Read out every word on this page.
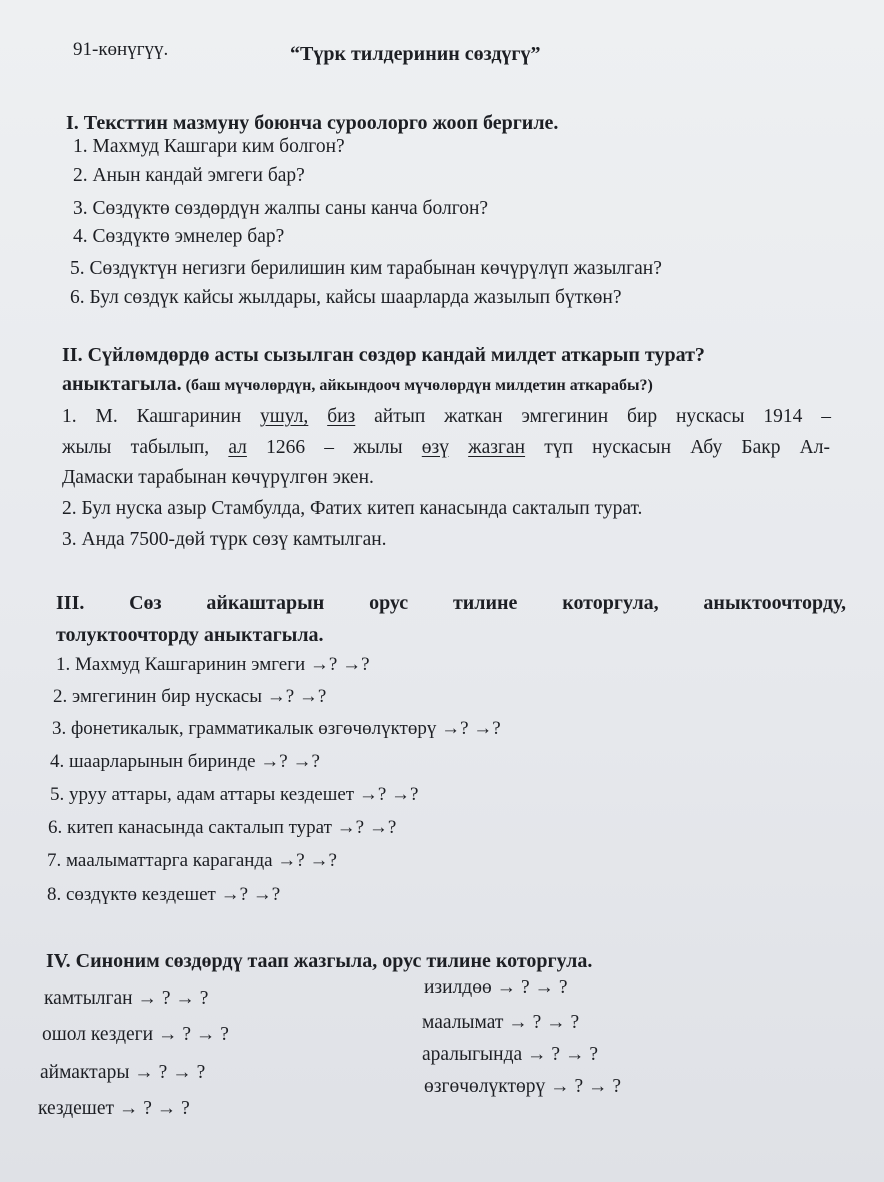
91-көнүгүү.	“Түрк тилдеринин сөздүгү”
I. Тексттин мазмуну боюнча суроолорго жооп бергиле.
1. Махмуд Кашгари ким болгон?
2. Анын кандай эмгеги бар?
3. Сөздүктө сөздөрдүн жалпы саны канча болгон?
4. Сөздүктө эмнелер бар?
5. Сөздүктүн негизги берилишин ким тарабынан көчүрүлүп жазылган?
6. Бул сөздүк кайсы жылдары, кайсы шаарларда жазылып бүткөн?
II. Сүйлөмдөрдө асты сызылган сөздөр кандай милдет аткарып турат?
аныктагыла. (баш мүчөлөрдүн, айкындооч мүчөлөрдүн милдетин аткарабы?)
1. М. Кашгаринин ушул, биз айтып жаткан эмгегинин бир нускасы 1914 –
жылы табылып, ал 1266 – жылы өзү жазган түп нускасын Абу Бакр Ал-
Дамаски тарабынан көчүрүлгөн экен.
2. Бул нуска азыр Стамбулда, Фатих китеп канасында сакталып турат.
3. Анда 7500-дөй түрк сөзү камтылган.
III. Сөз айкаштарын орус тилине которгула, аныктоочторду,
толуктоочторду аныктагыла.
1. Махмуд Кашгаринин эмгеги →? →?
2. эмгегинин бир нускасы →? →?
3. фонетикалык, грамматикалык өзгөчөлүктөрү →? →?
4. шаарларынын биринде →? →?
5. уруу аттары, адам аттары кездешет →? →?
6. китеп канасында сакталып турат →? →?
7. маалыматтарга караганда →? →?
8. сөздүктө кездешет →? →?
IV. Синоним сөздөрдү таап жазгыла, орус тилине которгула.
камтылган → ? → ?
ошол кездеги → ? → ?
аймактары → ? → ?
кездешет → ? → ?
изилдөө → ? → ?
маалымат → ? → ?
аралыгында → ? → ?
өзгөчөлүктөрү → ? → ?
